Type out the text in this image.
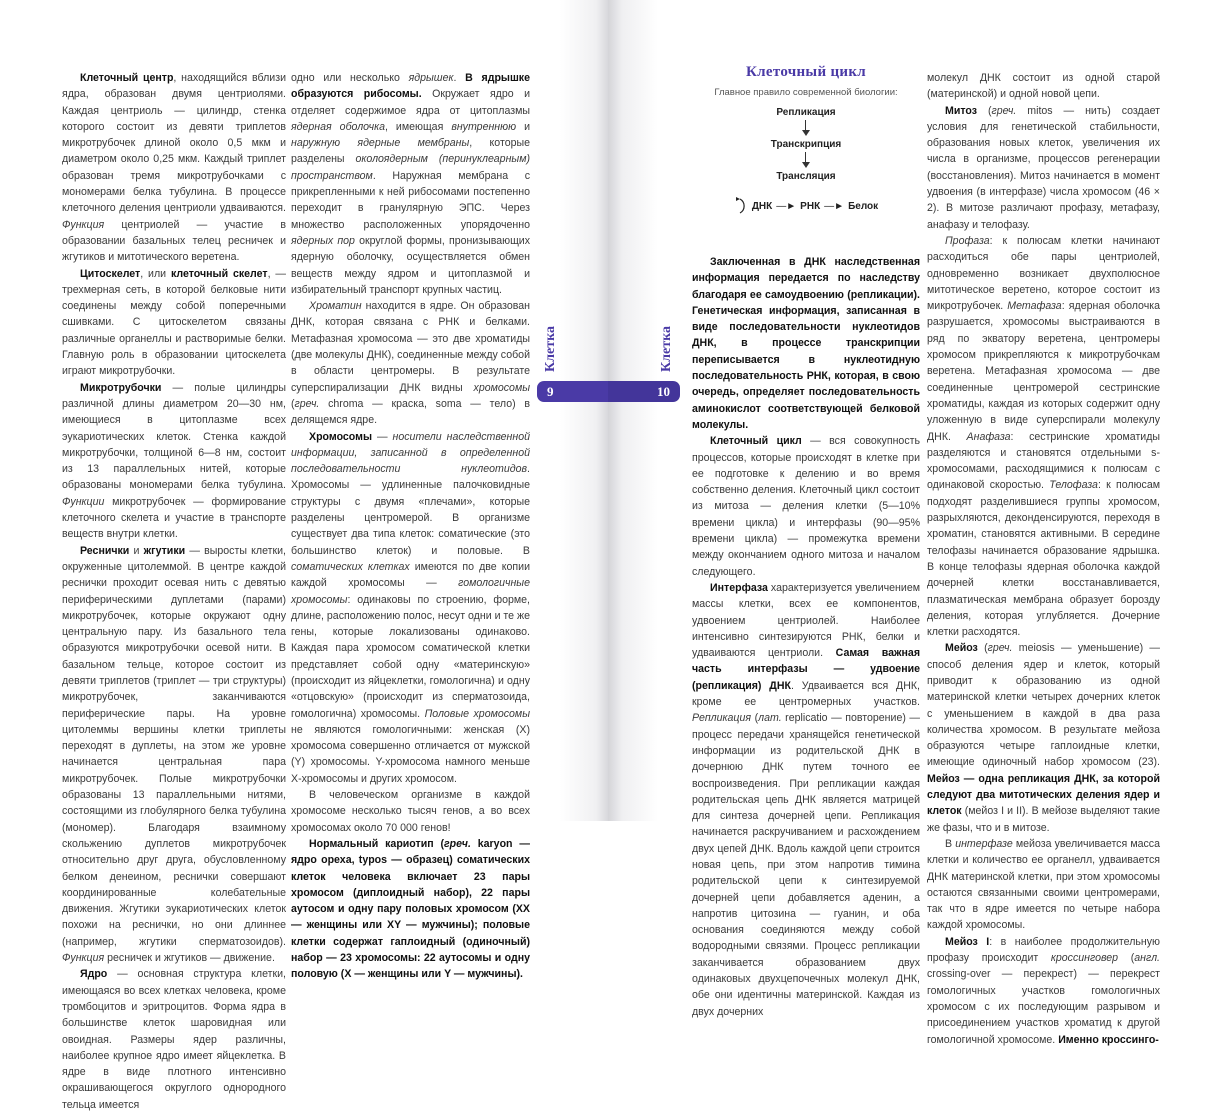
Клеточный центр, находящийся вблизи ядра, образован двумя центриолями. Каждая центриоль — цилиндр, стенка которого состоит из девяти триплетов микротрубочек длиной около 0,5 мкм и диаметром около 0,25 мкм. Каждый триплет образован тремя микротрубочками с мономерами белка тубулина. В процессе клеточного деления центриоли удваиваются. Функция центриолей — участие в образовании базальных телец ресничек и жгутиков и митотического веретена.

Цитоскелет, или клеточный скелет, — трехмерная сеть, в которой белковые нити соединены между собой поперечными сшивками. С цитоскелетом связаны различные органеллы и растворимые белки. Главную роль в образовании цитоскелета играют микротрубочки.

Микротрубочки — полые цилиндры различной длины диаметром 20—30 нм, имеющиеся в цитоплазме всех эукариотических клеток. Стенка каждой микротрубочки, толщиной 6—8 нм, состоит из 13 параллельных нитей, которые образованы мономерами белка тубулина. Функции микротрубочек — формирование клеточного скелета и участие в транспорте веществ внутри клетки.

Реснички и жгутики — выросты клетки, окруженные цитолеммой. В центре каждой реснички проходит осевая нить с девятью периферическими дуплетами (парами) микротрубочек, которые окружают одну центральную пару. Из базального тела образуются микротрубочки осевой нити. В базальном тельце, которое состоит из девяти триплетов (триплет — три структуры) микротрубочек, заканчиваются периферические пары. На уровне цитолеммы вершины клетки триплеты переходят в дуплеты, на этом же уровне начинается центральная пара микротрубочек. Полые микротрубочки образованы 13 параллельными нитями, состоящими из глобулярного белка тубулина (мономер). Благодаря взаимному скольжению дуплетов микротрубочек относительно друг друга, обусловленному белком денеином, реснички совершают координированные колебательные движения. Жгутики эукариотических клеток похожи на реснички, но они длиннее (например, жгутики сперматозоидов). Функция ресничек и жгутиков — движение.

Ядро — основная структура клетки, имеющаяся во всех клетках человека, кроме тромбоцитов и эритроцитов. Форма ядра в большинстве клеток шаровидная или овоидная. Размеры ядер различны, наиболее крупное ядро имеет яйцеклетка. В ядре в виде плотного интенсивно окрашивающегося округлого однородного тельца имеется

одно или несколько ядрышек. В ядрышке образуются рибосомы. Окружает ядро и отделяет содержимое ядра от цитоплазмы ядерная оболочка, имеющая внутреннюю и наружную ядерные мембраны, которые разделены околоядерным (перинуклеарным) пространством. Наружная мембрана с прикрепленными к ней рибосомами постепенно переходит в гранулярную ЭПС. Через множество расположенных упорядоченно ядерных пор округлой формы, пронизывающих ядерную оболочку, осуществляется обмен веществ между ядром и цитоплазмой и избирательный транспорт крупных частиц.

Хроматин находится в ядре. Он образован ДНК, которая связана с РНК и белками. Метафазная хромосома — это две хроматиды (две молекулы ДНК), соединенные между собой в области центромеры. В результате суперспирализации ДНК видны хромосомы (греч. chroma — краска, soma — тело) в делящемся ядре.

Хромосомы — носители наследственной информации, записанной в определенной последовательности нуклеотидов. Хромосомы — удлиненные палочковидные структуры с двумя «плечами», которые разделены центромерой. В организме существует два типа клеток: соматические (это большинство клеток) и половые. В соматических клетках имеются по две копии каждой хромосомы — гомологичные хромосомы: одинаковы по строению, форме, длине, расположению полос, несут одни и те же гены, которые локализованы одинаково. Каждая пара хромосом соматической клетки представляет собой одну «материнскую» (происходит из яйцеклетки, гомологична) и одну «отцовскую» (происходит из сперматозоида, гомологична) хромосомы. Половые хромосомы не являются гомологичными: женская (X) хромосома совершенно отличается от мужской (Y) хромосомы. Y-хромосома намного меньше X-хромосомы и других хромосом.

В человеческом организме в каждой хромосоме несколько тысяч генов, а во всех хромосомах около 70 000 генов!

Нормальный кариотип (греч. karyon — ядро ореха, typos — образец) соматических клеток человека включает 23 пары хромосом (диплоидный набор), 22 пары аутосом и одну пару половых хромосом (XX — женщины или XY — мужчины); половые клетки содержат гаплоидный (одиночный) набор — 23 хромосомы: 22 аутосомы и одну половую (X — женщины или Y — мужчины).

Клеточный цикл
Главное правило современной биологии:
Репликация
Транскрипция
Трансляция
ДНК —► РНК —► Белок

Заключенная в ДНК наследственная информация передается по наследству благодаря ее самоудвоению (репликации). Генетическая информация, записанная в виде последовательности нуклеотидов ДНК, в процессе транскрипции переписывается в нуклеотидную последовательность РНК, которая, в свою очередь, определяет последовательность аминокислот соответствующей белковой молекулы.

Клеточный цикл — вся совокупность процессов, которые происходят в клетке при ее подготовке к делению и во время собственно деления. Клеточный цикл состоит из митоза — деления клетки (5—10% времени цикла) и интерфазы (90—95% времени цикла) — промежутка времени между окончанием одного митоза и началом следующего.

Интерфаза характеризуется увеличением массы клетки, всех ее компонентов, удвоением центриолей. Наиболее интенсивно синтезируются РНК, белки и удваиваются центриоли. Самая важная часть интерфазы — удвоение (репликация) ДНК. Удваивается вся ДНК, кроме ее центромерных участков. Репликация (лат. replicatio — повторение) — процесс передачи хранящейся генетической информации из родительской ДНК в дочернюю ДНК путем точного ее воспроизведения. При репликации каждая родительская цепь ДНК является матрицей для синтеза дочерней цепи. Репликация начинается раскручиванием и расхождением двух цепей ДНК. Вдоль каждой цепи строится новая цепь, при этом напротив тимина родительской цепи к синтезируемой дочерней цепи добавляется аденин, а напротив цитозина — гуанин, и оба основания соединяются между собой водородными связями. Процесс репликации заканчивается образованием двух одинаковых двухцепочечных молекул ДНК, обе они идентичны материнской. Каждая из двух дочерних

молекул ДНК состоит из одной старой (материнской) и одной новой цепи.

Митоз (греч. mitos — нить) создает условия для генетической стабильности, образования новых клеток, увеличения их числа в организме, процессов регенерации (восстановления). Митоз начинается в момент удвоения (в интерфазе) числа хромосом (46 × 2). В митозе различают профазу, метафазу, анафазу и телофазу.

Профаза: к полюсам клетки начинают расходиться обе пары центриолей, одновременно возникает двухполюсное митотическое веретено, которое состоит из микротрубочек. Метафаза: ядерная оболочка разрушается, хромосомы выстраиваются в ряд по экватору веретена, центромеры хромосом прикрепляются к микротрубочкам веретена. Метафазная хромосома — две соединенные центромерой сестринские хроматиды, каждая из которых содержит одну уложенную в виде суперспирали молекулу ДНК. Анафаза: сестринские хроматиды разделяются и становятся отдельными s-хромосомами, расходящимися к полюсам с одинаковой скоростью. Телофаза: к полюсам подходят разделившиеся группы хромосом, разрыхляются, деконденсируются, переходя в хроматин, становятся активными. В середине телофазы начинается образование ядрышка. В конце телофазы ядерная оболочка каждой дочерней клетки восстанавливается, плазматическая мембрана образует борозду деления, которая углубляется. Дочерние клетки расходятся.

Мейоз (греч. meiosis — уменьшение) — способ деления ядер и клеток, который приводит к образованию из одной материнской клетки четырех дочерних клеток с уменьшением в каждой в два раза количества хромосом. В результате мейоза образуются четыре гаплоидные клетки, имеющие одиночный набор хромосом (23). Мейоз — одна репликация ДНК, за которой следуют два митотических деления ядер и клеток (мейоз I и II). В мейозе выделяют такие же фазы, что и в митозе.

В интерфазе мейоза увеличивается масса клетки и количество ее органелл, удваивается ДНК материнской клетки, при этом хромосомы остаются связанными своими центромерами, так что в ядре имеется по четыре набора каждой хромосомы.

Мейоз I: в наиболее продолжительную профазу происходит кроссинговер (англ. crossing-over — перекрест) — перекрест гомологичных участков гомологичных хромосом с их последующим разрывом и присоединением участков хроматид к другой гомологичной хромосоме. Именно кроссинго-

Клетка	Клетка
9	10
